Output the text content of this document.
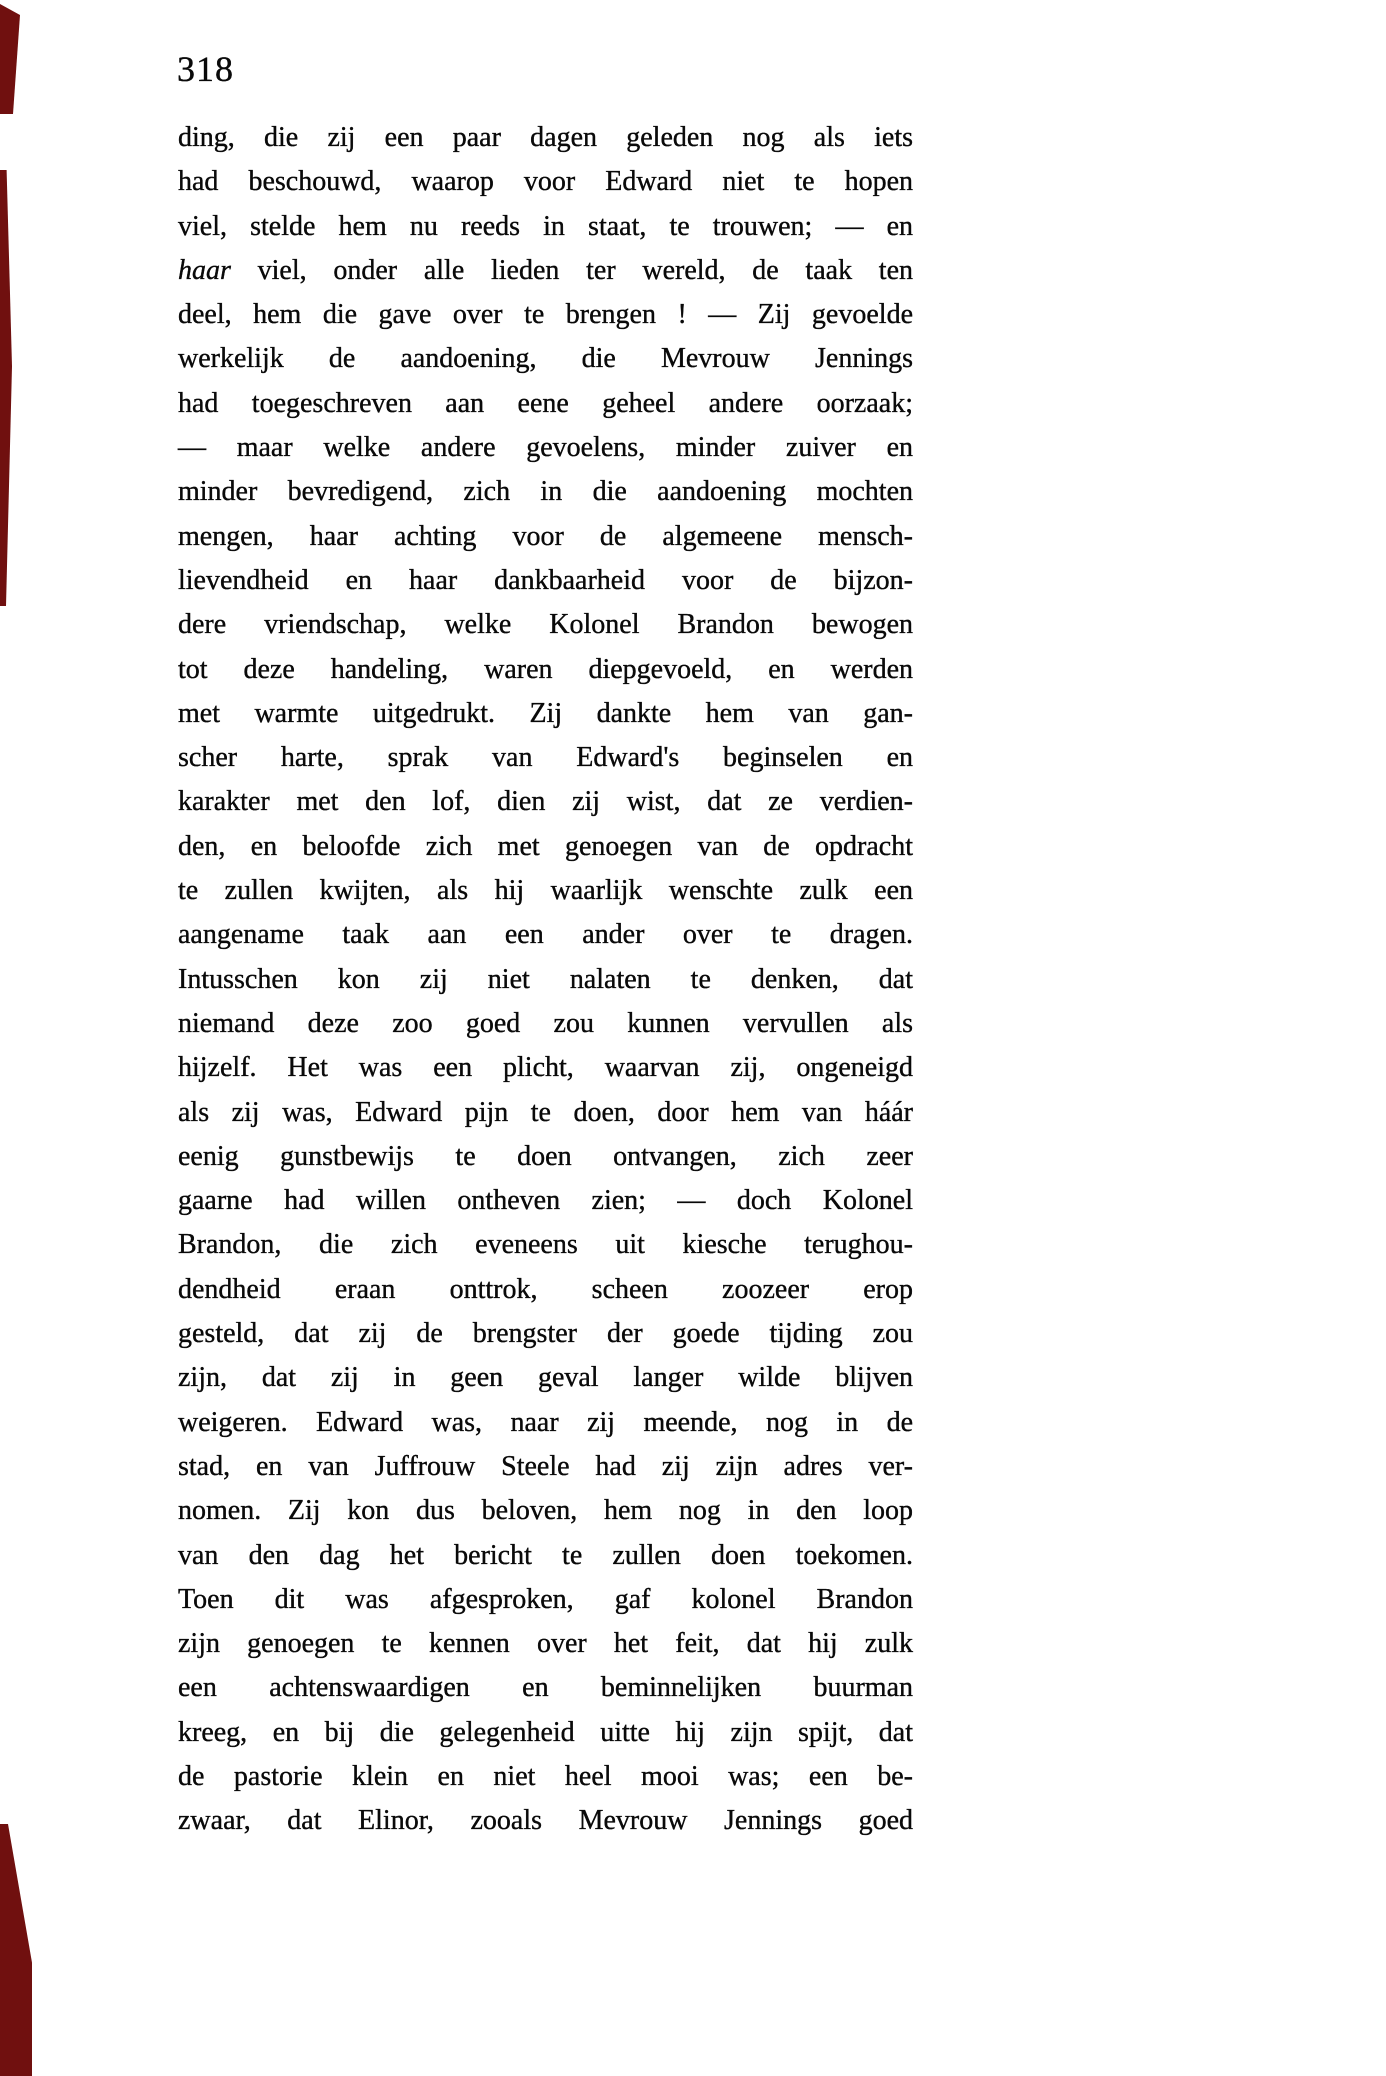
318
ding, die zij een paar dagen geleden nog als iets
had beschouwd, waarop voor Edward niet te hopen
viel, stelde hem nu reeds in staat, te trouwen; — en
haar viel, onder alle lieden ter wereld, de taak ten
deel, hem die gave over te brengen ! — Zij gevoelde
werkelijk de aandoening, die Mevrouw Jennings
had toegeschreven aan eene geheel andere oorzaak;
— maar welke andere gevoelens, minder zuiver en
minder bevredigend, zich in die aandoening mochten
mengen, haar achting voor de algemeene mensch-
lievendheid en haar dankbaarheid voor de bijzon-
dere vriendschap, welke Kolonel Brandon bewogen
tot deze handeling, waren diepgevoeld, en werden
met warmte uitgedrukt. Zij dankte hem van gan-
scher harte, sprak van Edward's beginselen en
karakter met den lof, dien zij wist, dat ze verdien-
den, en beloofde zich met genoegen van de opdracht
te zullen kwijten, als hij waarlijk wenschte zulk een
aangename taak aan een ander over te dragen.
Intusschen kon zij niet nalaten te denken, dat
niemand deze zoo goed zou kunnen vervullen als
hijzelf. Het was een plicht, waarvan zij, ongeneigd
als zij was, Edward pijn te doen, door hem van háár
eenig gunstbewijs te doen ontvangen, zich zeer
gaarne had willen ontheven zien; — doch Kolonel
Brandon, die zich eveneens uit kiesche terughou-
dendheid eraan onttrok, scheen zoozeer erop
gesteld, dat zij de brengster der goede tijding zou
zijn, dat zij in geen geval langer wilde blijven
weigeren. Edward was, naar zij meende, nog in de
stad, en van Juffrouw Steele had zij zijn adres ver-
nomen. Zij kon dus beloven, hem nog in den loop
van den dag het bericht te zullen doen toekomen.
Toen dit was afgesproken, gaf kolonel Brandon
zijn genoegen te kennen over het feit, dat hij zulk
een achtenswaardigen en beminnelijken buurman
kreeg, en bij die gelegenheid uitte hij zijn spijt, dat
de pastorie klein en niet heel mooi was; een be-
zwaar, dat Elinor, zooals Mevrouw Jennings goed
